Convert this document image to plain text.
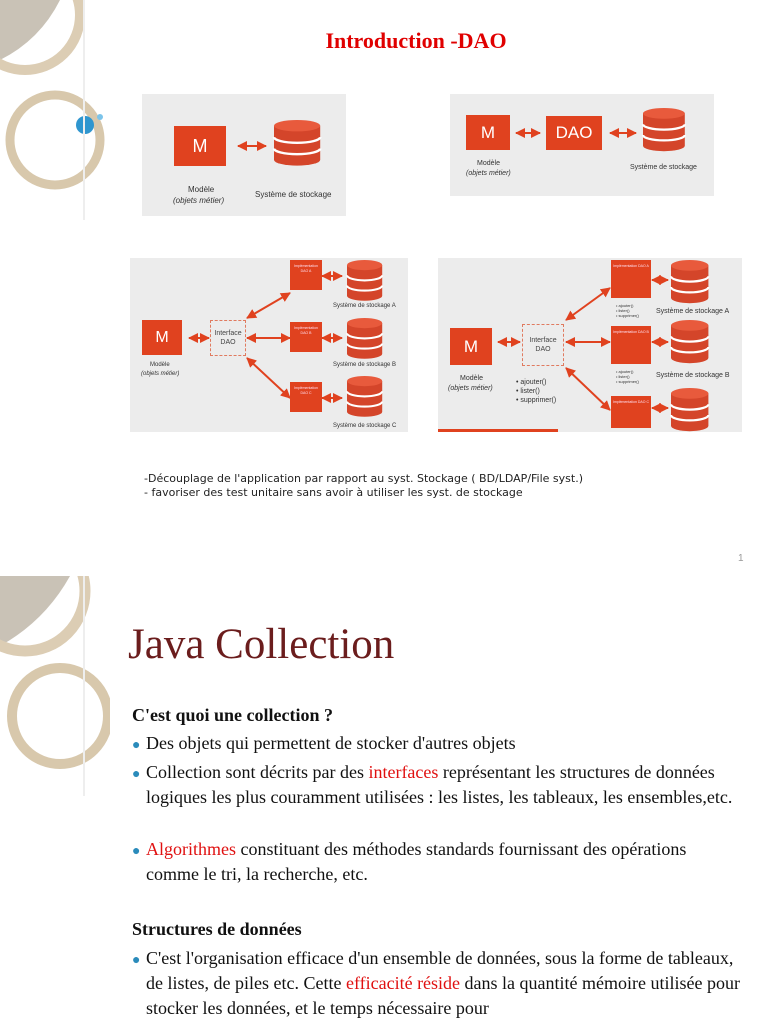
Introduction -DAO
M
Modèle
(objets métier)
Système de stockage
M	DAO
Modèle
(objets métier)
Système de stockage
M
Modèle
(objets métier)
Interface
DAO
Implémentation DAO A
Implémentation DAO B
Implémentation DAO C
Système de stockage A
Système de stockage B
Système de stockage C
M
Modèle
(objets métier)
Interface
DAO
• ajouter()
• lister()
• supprimer()
Implémentation DAO A
Implémentation DAO B
Implémentation DAO C
• ajouter()
• lister()
• supprimer()
• ajouter()
• lister()
• supprimer()
Système de stockage A
Système de stockage B
-Découplage de l'application par rapport au syst. Stockage ( BD/LDAP/File syst.)
- favoriser des test unitaire sans avoir à utiliser les syst. de stockage
1
Java Collection
C'est quoi une collection ?
● Des objets qui permettent de stocker d'autres objets
● Collection sont décrits par des interfaces représentant les structures de données logiques les plus couramment utilisées : les listes, les tableaux, les ensembles,etc.
● Algorithmes constituant des méthodes standards fournissant des opérations comme le tri, la recherche, etc.
Structures de données
● C'est l'organisation efficace d'un ensemble de données, sous la forme de tableaux, de listes, de piles etc. Cette efficacité réside dans la quantité mémoire utilisée pour stocker les données, et le temps nécessaire pour
